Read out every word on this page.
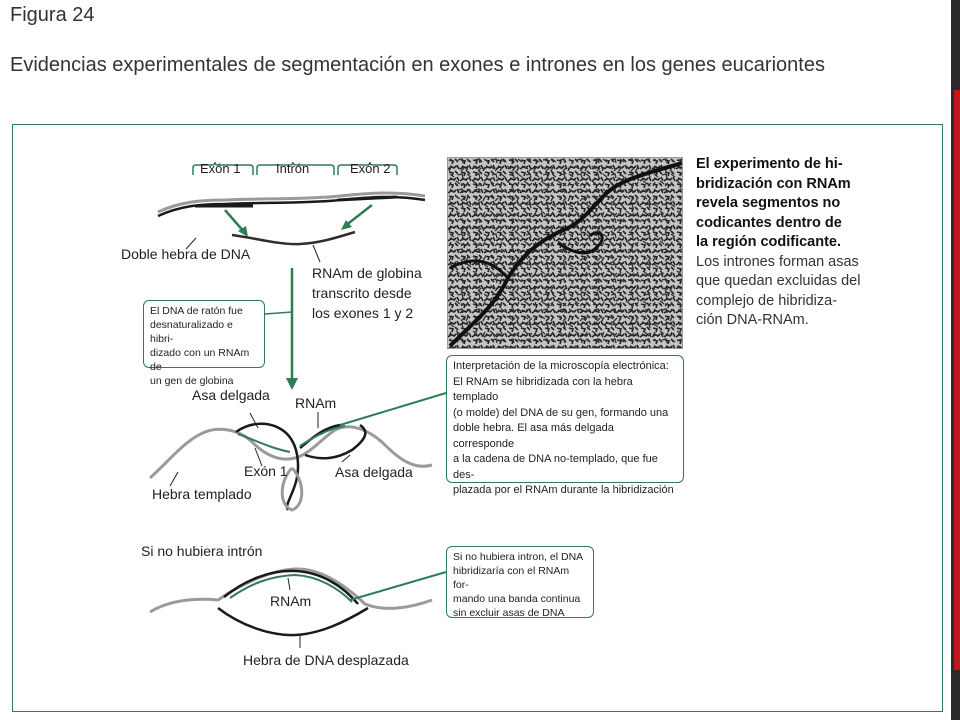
Figura 24
Evidencias experimentales de segmentación en exones e intrones en los genes eucariontes
Exón 1	Intrón	Exón 2
Doble hebra de DNA
RNAm de globina
transcrito desde
los exones 1 y 2
Asa delgada RNAm
Exón 1	Asa delgada
Hebra templado
Si no hubiera intrón
RNAm
Hebra de DNA desplazada
El DNA de ratón fue
desnaturalizado e hibri-
dizado con un RNAm de
un gen de globina
Interpretación de la microscopía electrónica:
El RNAm se hibridizada con la hebra templado
(o molde) del DNA de su gen, formando una
doble hebra. El asa más delgada corresponde
a la cadena de DNA no-templado, que fue des-
plazada por el RNAm durante la hibridización
Si no hubiera intron, el DNA
hibridizaría con el RNAm for-
mando una banda continua
sin excluir asas de DNA
El experimento de hi-
bridización con RNAm
revela segmentos no
codicantes dentro de
la región codificante.
Los intrones forman asas
que quedan excluidas del
complejo de hibridiza-
ción DNA-RNAm.
